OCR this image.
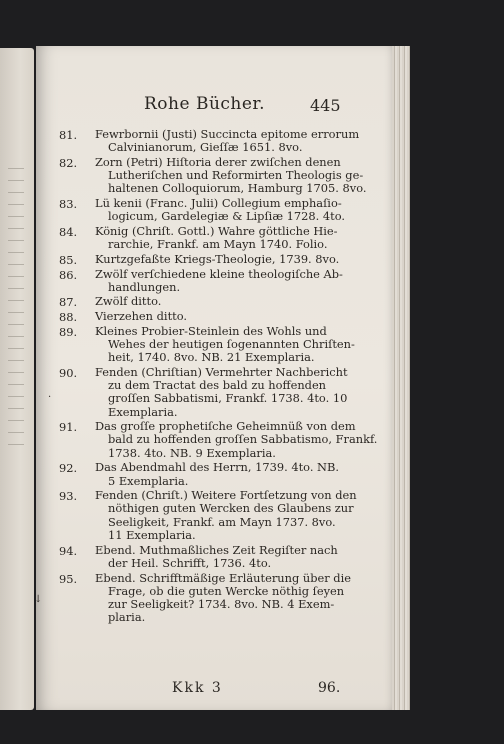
Rohe Bücher.	445
81.	Fewrbornii (Justi) Succincta epitome errorum
Calvinianorum, Gieſſæ 1651. 8vo.
82.	Zorn (Petri) Hiſtoria derer zwiſchen denen
Lutheriſchen und Reformirten Theologis ge-
haltenen Colloquiorum, Hamburg 1705. 8vo.
83.	Lü kenii (Franc. Julii) Collegium emphaſio-
logicum, Gardelegiæ & Lipſiæ 1728. 4to.
84.	König (Chriſt. Gottl.) Wahre göttliche Hie-
rarchie, Frankf. am Mayn 1740. Folio.
85.	Kurtzgefaßte Kriegs-Theologie, 1739. 8vo.
86.	Zwölf verſchiedene kleine theologiſche Ab-
handlungen.
87.	Zwölf ditto.
88.	Vierzehen ditto.
89.	Kleines Probier-Steinlein des Wohls und
Wehes der heutigen ſogenannten Chriſten-
heit, 1740. 8vo. NB. 21 Exemplaria.
90.	Fenden (Chriſtian) Vermehrter Nachbericht
zu dem Tractat des bald zu hoffenden
groſſen Sabbatismi, Frankf. 1738. 4to. 10
Exemplaria.
91.	Das groſſe prophetiſche Geheimnüß von dem
bald zu hoffenden groſſen Sabbatismo, Frankf.
1738. 4to. NB. 9 Exemplaria.
92.	Das Abendmahl des Herrn, 1739. 4to. NB.
5 Exemplaria.
93.	Fenden (Chriſt.) Weitere Fortſetzung von den
nöthigen guten Wercken des Glaubens zur
Seeligkeit, Frankf. am Mayn 1737. 8vo.
11 Exemplaria.
94.	Ebend. Muthmaßliches Zeit Regiſter nach
der Heil. Schrifft, 1736. 4to.
95.	Ebend. Schrifftmäßige Erläuterung über die
Frage, ob die guten Wercke nöthig ſeyen
zur Seeligkeit? 1734. 8vo. NB. 4 Exem-
plaria.
·
↓
Kkk 3	96.
